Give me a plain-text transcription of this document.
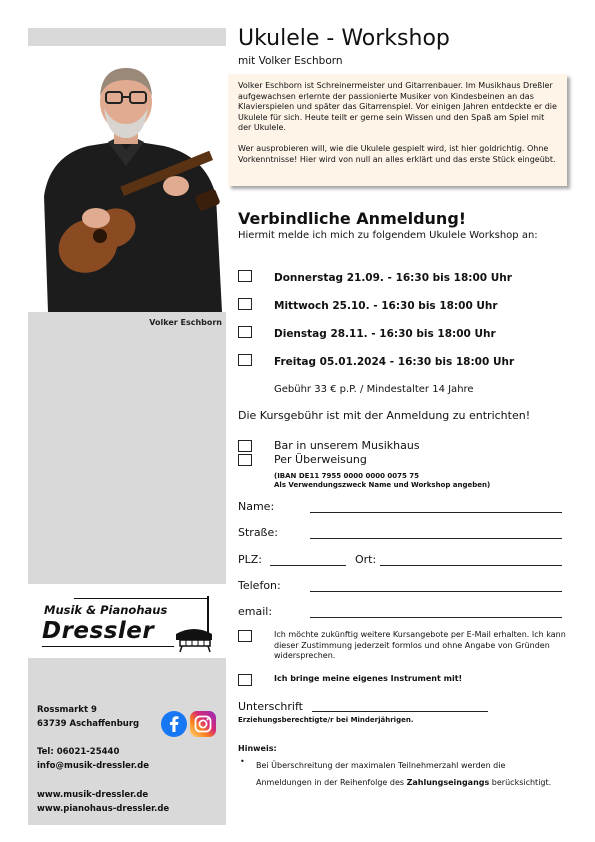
Volker Eschborn
Musik & Pianohaus
Dressler
Rossmarkt 9
63739 Aschaffenburg
Tel: 06021-25440
info@musik-dressler.de
www.musik-dressler.de
www.pianohaus-dressler.de
Ukulele - Workshop
mit Volker Eschborn

Volker Eschborn ist Schreinermeister und Gitarrenbauer. Im Musikhaus Dreßler aufgewachsen erlernte der passionierte Musiker von Kindesbeinen an das Klavierspielen und später das Gitarrenspiel. Vor einigen Jahren entdeckte er die Ukulele für sich. Heute teilt er gerne sein Wissen und den Spaß am Spiel mit der Ukulele.

Wer ausprobieren will, wie die Ukulele gespielt wird, ist hier goldrichtig. Ohne Vorkenntnisse! Hier wird von null an alles erklärt und das erste Stück eingeübt.

Verbindliche Anmeldung!
Hiermit melde ich mich zu folgendem Ukulele Workshop an:
Donnerstag 21.09. - 16:30 bis 18:00 Uhr
Mittwoch 25.10. - 16:30 bis 18:00 Uhr
Dienstag 28.11. - 16:30 bis 18:00 Uhr
Freitag 05.01.2024 - 16:30 bis 18:00 Uhr
Gebühr 33 € p.P. / Mindestalter 14 Jahre
Die Kursgebühr ist mit der Anmeldung zu entrichten!
Bar in unserem Musikhaus
Per Überweisung
(IBAN DE11 7955 0000 0000 0075 75
Als Verwendungszweck Name und Workshop angeben)
Name:
Straße:
PLZ:	Ort:
Telefon:
email:
Ich möchte zukünftig weitere Kursangebote per E-Mail erhalten. Ich kann dieser Zustimmung jederzeit formlos und ohne Angabe von Gründen widersprechen.
Ich bringe meine eigenes Instrument mit!
Unterschrift
Erziehungsberechtigte/r bei Minderjährigen.
Hinweis:
• Bei Überschreitung der maximalen Teilnehmerzahl werden die Anmeldungen in der Reihenfolge des Zahlungseingangs berücksichtigt.
